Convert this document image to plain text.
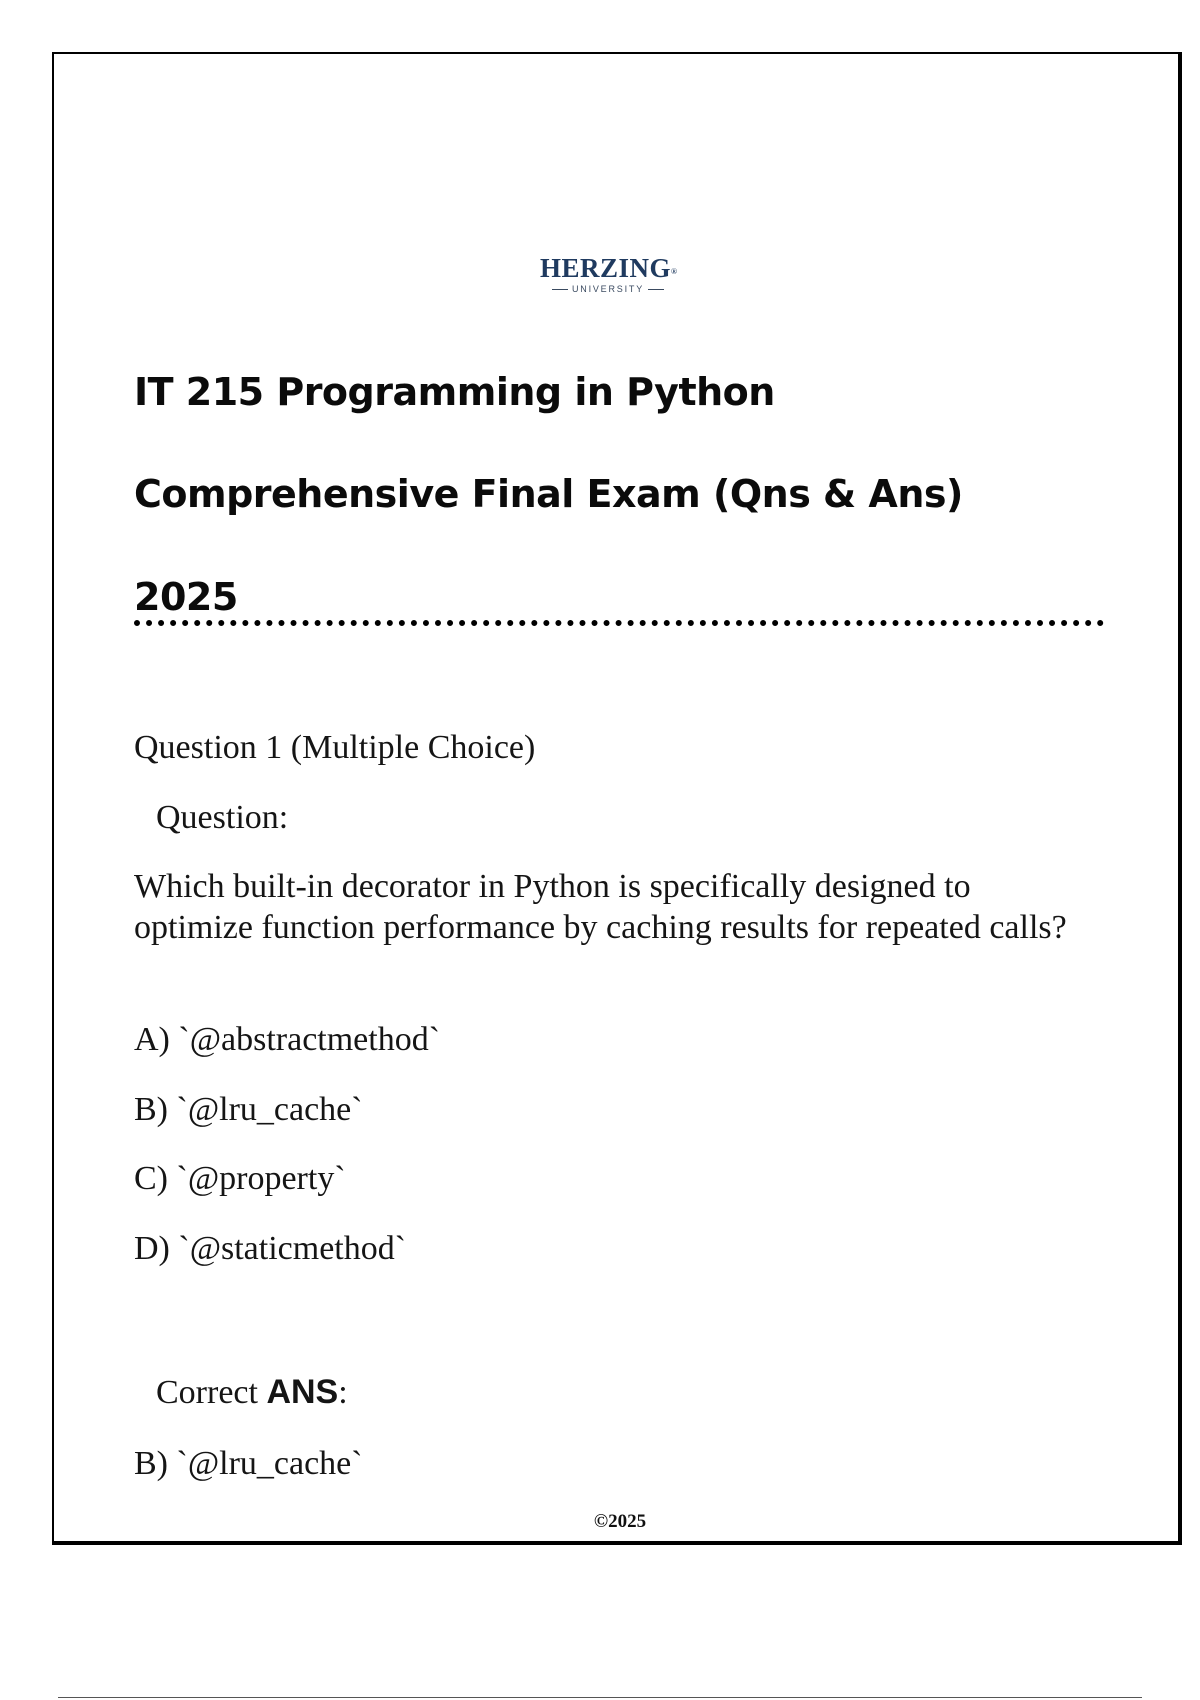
HERZING®
UNIVERSITY
IT 215 Programming in Python
Comprehensive Final Exam (Qns & Ans)
2025

Question 1 (Multiple Choice)

Question:

Which built-in decorator in Python is specifically designed to optimize function performance by caching results for repeated calls?

A) `@abstractmethod`

B) `@lru_cache`

C) `@property`

D) `@staticmethod`

Correct ANS:

B) `@lru_cache`

©2025
